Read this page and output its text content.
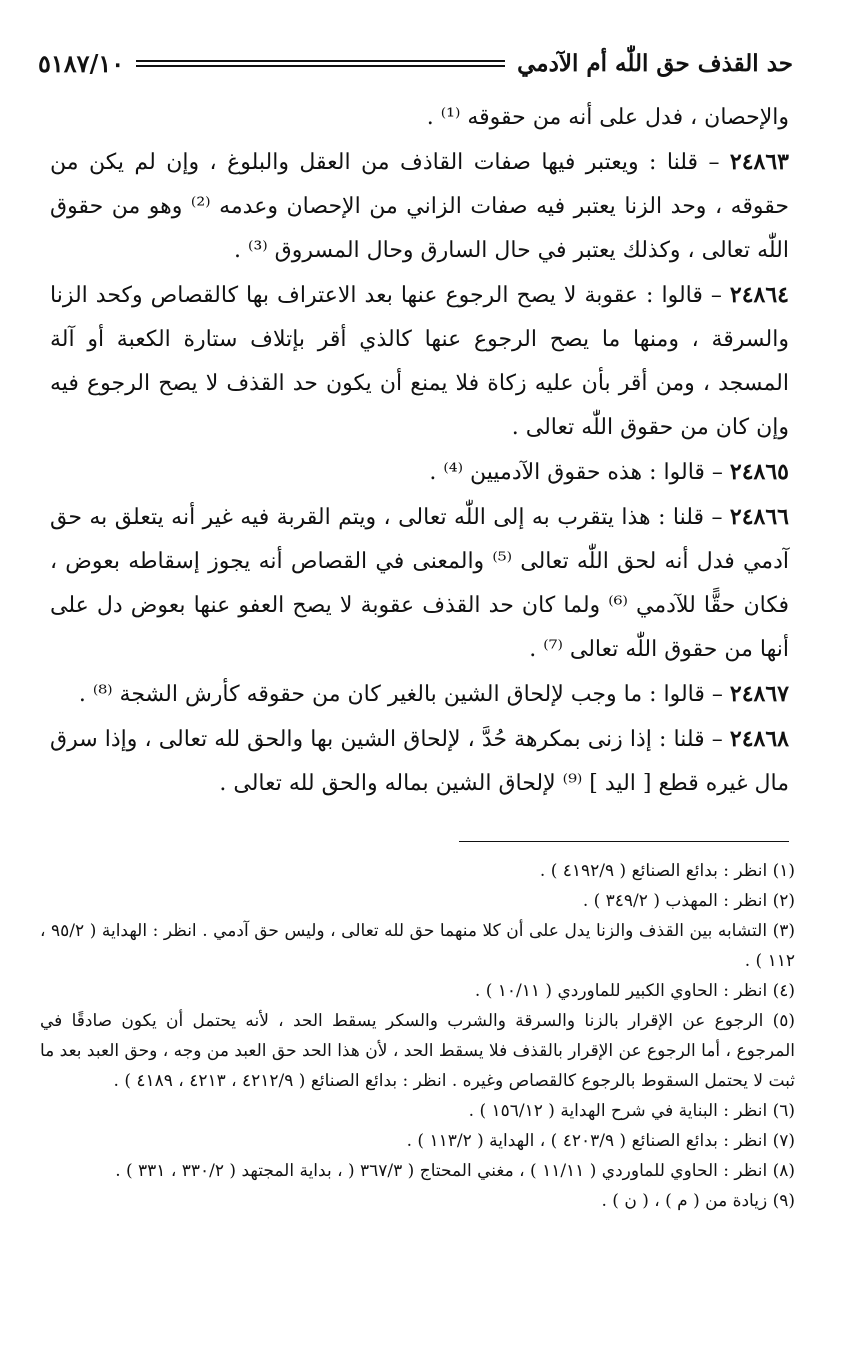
حد القذف حق اللّٰه أم الآدمي
٥١٨٧/١٠

والإحصان ، فدل على أنه من حقوقه ⁽¹⁾ .

٢٤٨٦٣ – قلنا : ويعتبر فيها صفات القاذف من العقل والبلوغ ، وإن لم يكن من حقوقه ، وحد الزنا يعتبر فيه صفات الزاني من الإحصان وعدمه ⁽²⁾ وهو من حقوق اللّٰه تعالى ، وكذلك يعتبر في حال السارق وحال المسروق ⁽³⁾ .

٢٤٨٦٤ – قالوا : عقوبة لا يصح الرجوع عنها بعد الاعتراف بها كالقصاص وكحد الزنا والسرقة ، ومنها ما يصح الرجوع عنها كالذي أقر بإتلاف ستارة الكعبة أو آلة المسجد ، ومن أقر بأن عليه زكاة فلا يمنع أن يكون حد القذف لا يصح الرجوع فيه وإن كان من حقوق اللّٰه تعالى .

٢٤٨٦٥ – قالوا : هذه حقوق الآدميين ⁽⁴⁾ .

٢٤٨٦٦ – قلنا : هذا يتقرب به إلى اللّٰه تعالى ، ويتم القربة فيه غير أنه يتعلق به حق آدمي فدل أنه لحق اللّٰه تعالى ⁽⁵⁾ والمعنى في القصاص أنه يجوز إسقاطه بعوض ، فكان حقًّا للآدمي ⁽⁶⁾ ولما كان حد القذف عقوبة لا يصح العفو عنها بعوض دل على أنها من حقوق اللّٰه تعالى ⁽⁷⁾ .

٢٤٨٦٧ – قالوا : ما وجب لإلحاق الشين بالغير كان من حقوقه كأرش الشجة ⁽⁸⁾ .

٢٤٨٦٨ – قلنا : إذا زنى بمكرهة حُدَّ ، لإلحاق الشين بها والحق لله تعالى ، وإذا سرق مال غيره قطع [ اليد ] ⁽⁹⁾ لإلحاق الشين بماله والحق لله تعالى .

(١) انظر : بدائع الصنائع ( ٤١٩٢/٩ ) .

(٢) انظر : المهذب ( ٣٤٩/٢ ) .

(٣) التشابه بين القذف والزنا يدل على أن كلا منهما حق لله تعالى ، وليس حق آدمي . انظر : الهداية ( ٩٥/٢ ، ١١٢ ) .

(٤) انظر : الحاوي الكبير للماوردي ( ١٠/١١ ) .

(٥) الرجوع عن الإقرار بالزنا والسرقة والشرب والسكر يسقط الحد ، لأنه يحتمل أن يكون صادقًا في المرجوع ، أما الرجوع عن الإقرار بالقذف فلا يسقط الحد ، لأن هذا الحد حق العبد من وجه ، وحق العبد بعد ما ثبت لا يحتمل السقوط بالرجوع كالقصاص وغيره . انظر : بدائع الصنائع ( ٤٢١٢/٩ ، ٤٢١٣ ، ٤١٨٩ ) .

(٦) انظر : البناية في شرح الهداية ( ١٥٦/١٢ ) .

(٧) انظر : بدائع الصنائع ( ٤٢٠٣/٩ ) ، الهداية ( ١١٣/٢ ) .

(٨) انظر : الحاوي للماوردي ( ١١/١١ ) ، مغني المحتاج ( ٣٦٧/٣ ( ، بداية المجتهد ( ٣٣٠/٢ ، ٣٣١ ) .

(٩) زيادة من ( م ) ، ( ن ) .
